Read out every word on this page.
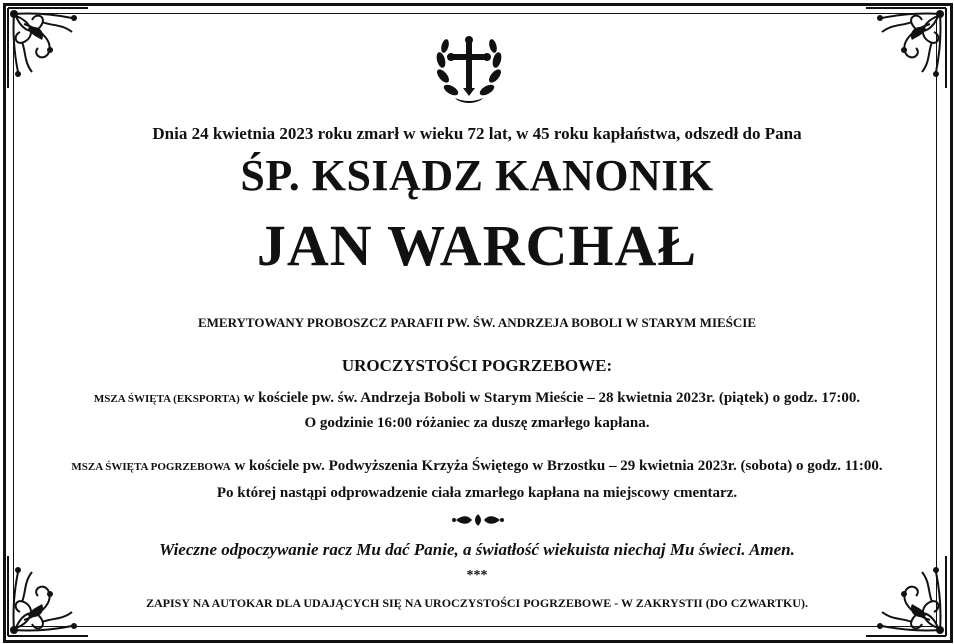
Dnia 24 kwietnia 2023 roku zmarł w wieku 72 lat, w 45 roku kapłaństwa, odszedł do Pana
ŚP. KSIĄDZ KANONIK
JAN WARCHAŁ
EMERYTOWANY PROBOSZCZ PARAFII PW. ŚW. ANDRZEJA BOBOLI W STARYM MIEŚCIE
UROCZYSTOŚCI POGRZEBOWE:
MSZA ŚWIĘTA (EKSPORTA) w kościele pw. św. Andrzeja Boboli w Starym Mieście – 28 kwietnia 2023r. (piątek) o godz. 17:00.
O godzinie 16:00 różaniec za duszę zmarłego kapłana.
MSZA ŚWIĘTA POGRZEBOWA w kościele pw. Podwyższenia Krzyża Świętego w Brzostku – 29 kwietnia 2023r. (sobota) o godz. 11:00.
Po której nastąpi odprowadzenie ciała zmarłego kapłana na miejscowy cmentarz.
Wieczne odpoczywanie racz Mu dać Panie, a światłość wiekuista niechaj Mu świeci. Amen.
***
ZAPISY NA AUTOKAR DLA UDAJĄCYCH SIĘ NA UROCZYSTOŚCI POGRZEBOWE - W ZAKRYSTII (DO CZWARTKU).
